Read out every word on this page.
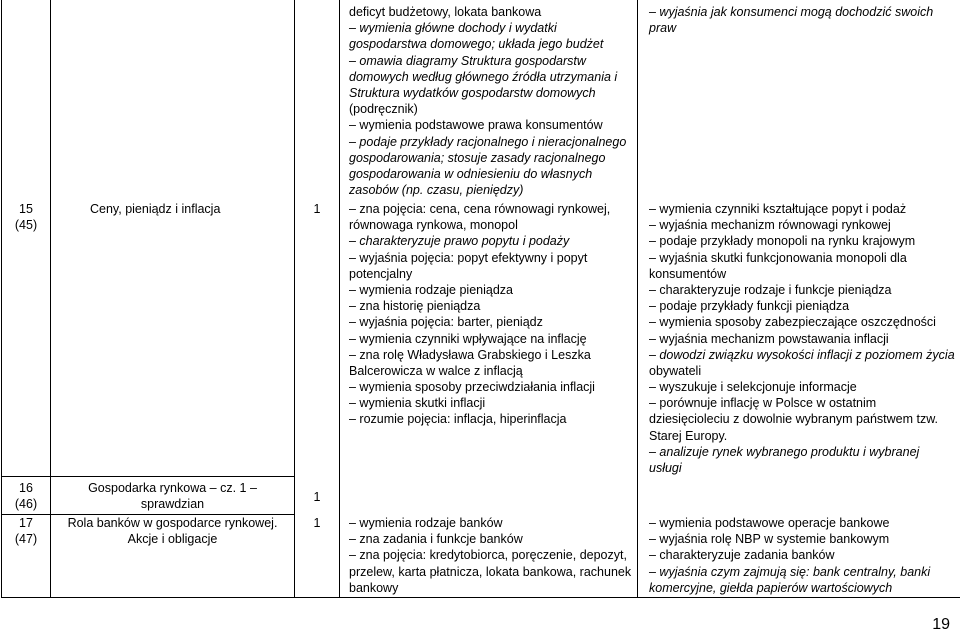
15
(45)
Ceny, pieniądz i inflacja	1
deficyt budżetowy, lokata bankowa
– wymienia główne dochody i wydatki
gospodarstwa domowego; układa jego budżet
– omawia diagramy Struktura gospodarstw
domowych według głównego źródła utrzymania i
Struktura wydatków gospodarstw domowych
(podręcznik)
– wymienia podstawowe prawa konsumentów
– podaje przykłady racjonalnego i nieracjonalnego
gospodarowania; stosuje zasady racjonalnego
gospodarowania w odniesieniu do własnych
zasobów (np. czasu, pieniędzy)
– zna pojęcia: cena, cena równowagi rynkowej,
równowaga rynkowa, monopol
– charakteryzuje prawo popytu i podaży
– wyjaśnia pojęcia: popyt efektywny i popyt
potencjalny
– wymienia rodzaje pieniądza
– zna historię pieniądza
– wyjaśnia pojęcia: barter, pieniądz
– wymienia czynniki wpływające na inflację
– zna rolę Władysława Grabskiego i Leszka
Balcerowicza w walce z inflacją
– wymienia sposoby przeciwdziałania inflacji
– wymienia skutki inflacji
– rozumie pojęcia: inflacja, hiperinflacja
– wyjaśnia jak konsumenci mogą dochodzić swoich
praw
– wymienia czynniki kształtujące popyt i podaż
– wyjaśnia mechanizm równowagi rynkowej
– podaje przykłady monopoli na rynku krajowym
– wyjaśnia skutki funkcjonowania monopoli dla
konsumentów
– charakteryzuje rodzaje i funkcje pieniądza
– podaje przykłady funkcji pieniądza
– wymienia sposoby zabezpieczające oszczędności
– wyjaśnia mechanizm powstawania inflacji
– dowodzi związku wysokości inflacji z poziomem życia
obywateli
– wyszukuje i selekcjonuje informacje
– porównuje inflację w Polsce w ostatnim
dziesięcioleciu z dowolnie wybranym państwem tzw.
Starej Europy.
– analizuje rynek wybranego produktu i wybranej
usługi
16
(46)
Gospodarka rynkowa – cz. 1 –
sprawdzian
1
17
(47)
Rola banków w gospodarce rynkowej.
Akcje i obligacje
1	– wymienia rodzaje banków
– zna zadania i funkcje banków
– zna pojęcia: kredytobiorca, poręczenie, depozyt,
przelew, karta płatnicza, lokata bankowa, rachunek
bankowy
– wymienia podstawowe operacje bankowe
– wyjaśnia rolę NBP w systemie bankowym
– charakteryzuje zadania banków
– wyjaśnia czym zajmują się: bank centralny, banki
komercyjne, giełda papierów wartościowych
19
